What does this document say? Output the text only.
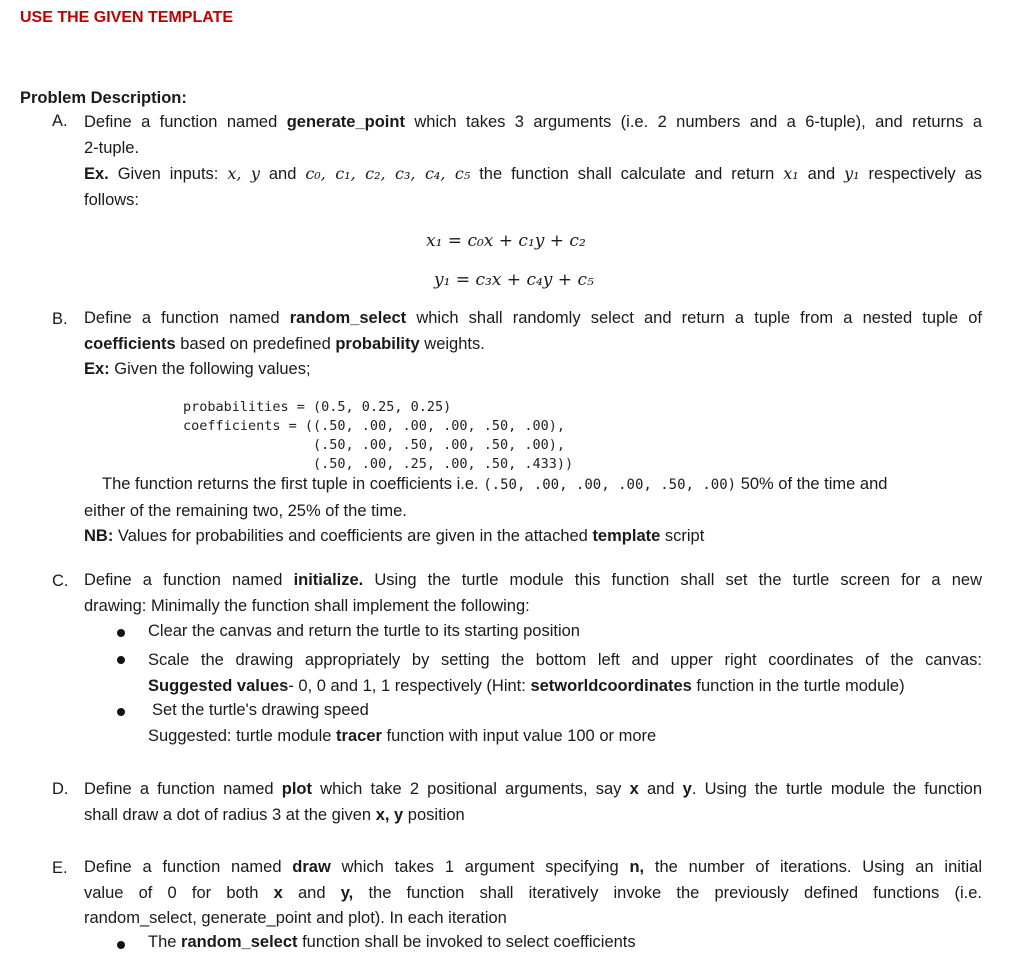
USE THE GIVEN TEMPLATE
Problem Description:
A. Define a function named generate_point which takes 3 arguments (i.e. 2 numbers and a 6-tuple), and returns a
2-tuple.
Ex. Given inputs: x, y and c₀, c₁, c₂, c₃, c₄, c₅ the function shall calculate and return x₁ and y₁ respectively as
follows:
x₁ = c₀x + c₁y + c₂
y₁ = c₃x + c₄y + c₅
B. Define a function named random_select which shall randomly select and return a tuple from a nested tuple of
coefficients based on predefined probability weights.
Ex: Given the following values;
probabilities = (0.5, 0.25, 0.25)
coefficients = ((.50, .00, .00, .00, .50, .00),
(.50, .00, .50, .00, .50, .00),
(.50, .00, .25, .00, .50, .433))
The function returns the first tuple in coefficients i.e. (.50, .00, .00, .00, .50, .00) 50% of the time and
either of the remaining two, 25% of the time.
NB: Values for probabilities and coefficients are given in the attached template script
C. Define a function named initialize. Using the turtle module this function shall set the turtle screen for a new
drawing: Minimally the function shall implement the following:
Clear the canvas and return the turtle to its starting position
Scale the drawing appropriately by setting the bottom left and upper right coordinates of the canvas:
Suggested values- 0, 0 and 1, 1 respectively (Hint: setworldcoordinates function in the turtle module)
Set the turtle's drawing speed
Suggested: turtle module tracer function with input value 100 or more
D. Define a function named plot which take 2 positional arguments, say x and y. Using the turtle module the function
shall draw a dot of radius 3 at the given x, y position
E. Define a function named draw which takes 1 argument specifying n, the number of iterations. Using an initial
value of 0 for both x and y, the function shall iteratively invoke the previously defined functions (i.e.
random_select, generate_point and plot). In each iteration
The random_select function shall be invoked to select coefficients
